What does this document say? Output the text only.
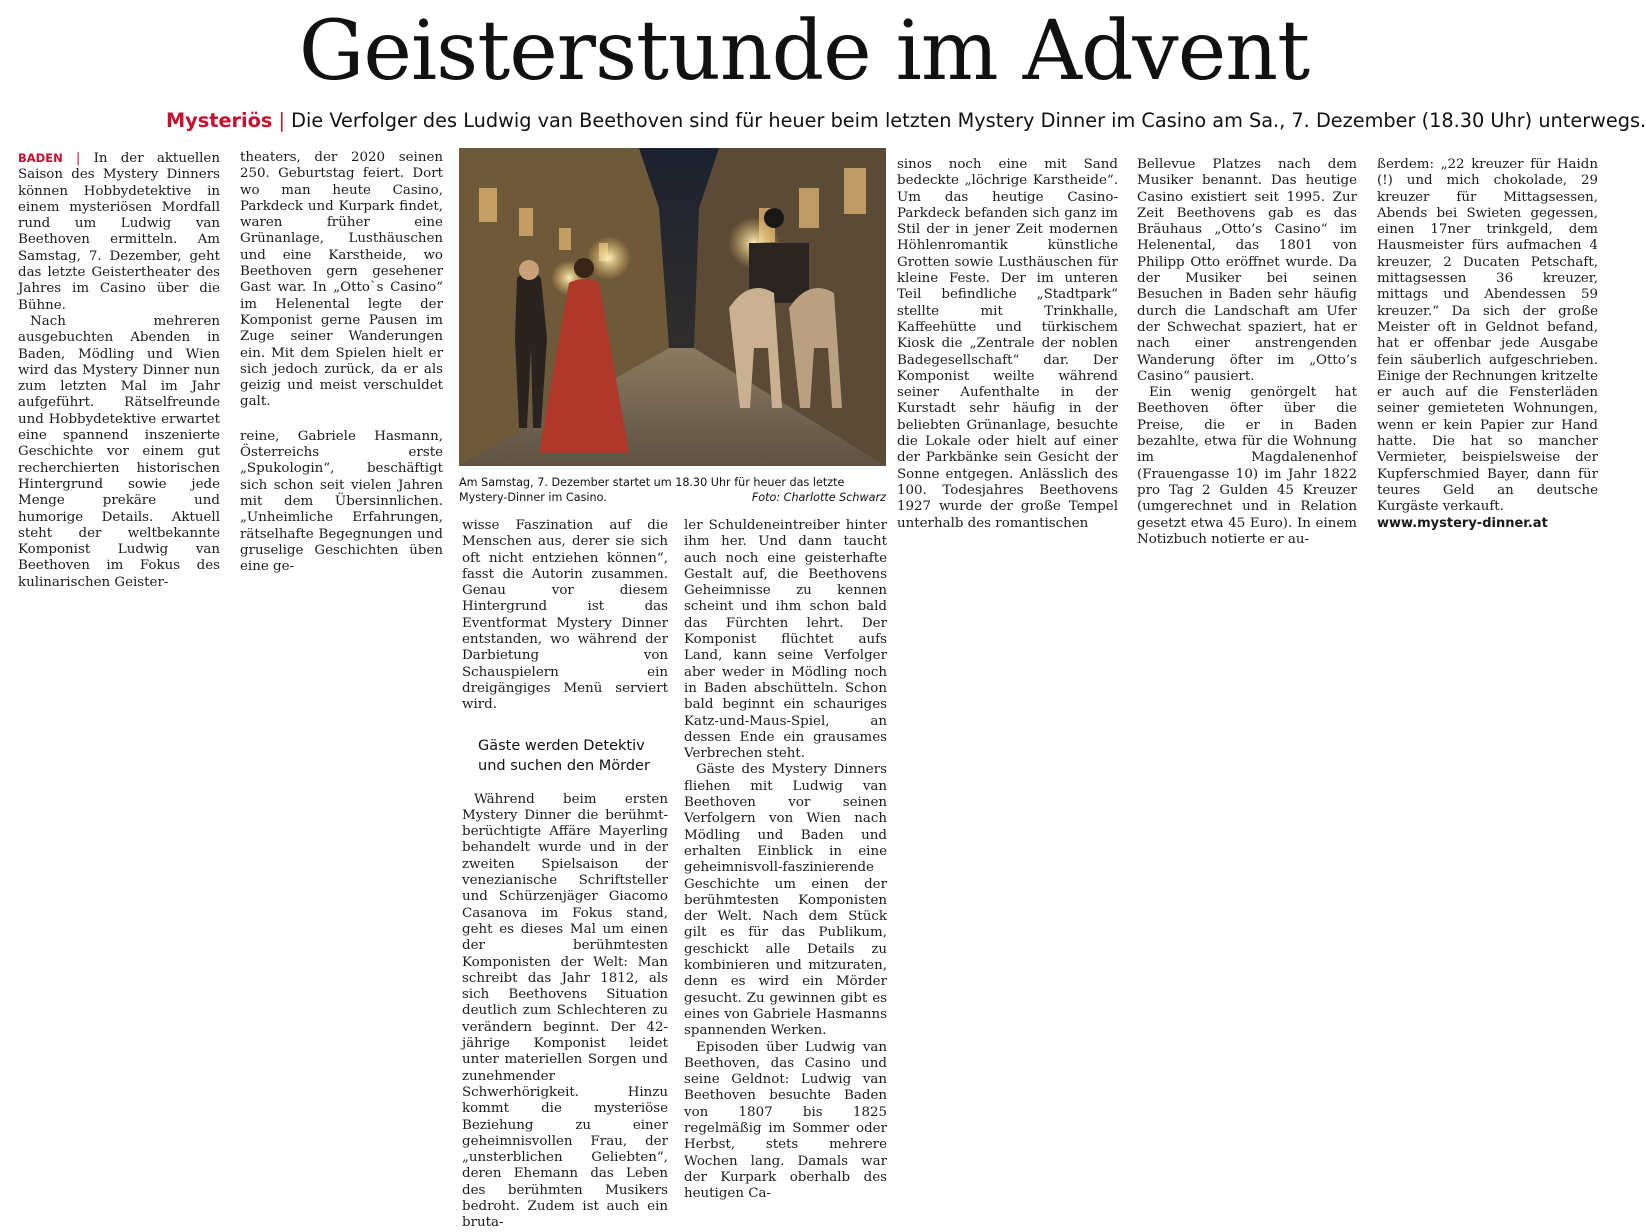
Geisterstunde im Advent
Mysteriös | Die Verfolger des Ludwig van Beethoven sind für heuer beim letzten Mystery Dinner im Casino am Sa., 7. Dezember (18.30 Uhr) unterwegs.

BADEN | In der aktuellen Saison des Mystery Dinners können Hobbydetektive in einem mysteriösen Mordfall rund um Ludwig van Beethoven ermitteln. Am Samstag, 7. Dezember, geht das letzte Geistertheater des Jahres im Casino über die Bühne.

Nach mehreren ausgebuchten Abenden in Baden, Mödling und Wien wird das Mystery Dinner nun zum letzten Mal im Jahr aufgeführt. Rätselfreunde und Hobbydetektive erwartet eine spannend inszenierte Geschichte vor einem gut recherchierten historischen Hintergrund sowie jede Menge prekäre und humorige Details. Aktuell steht der weltbekannte Komponist Ludwig van Beethoven im Fokus des kulinarischen Geister-

theaters, der 2020 seinen 250. Geburtstag feiert. Dort wo man heute Casino, Parkdeck und Kurpark findet, waren früher eine Grünanlage, Lusthäuschen und eine Karstheide, wo Beethoven gern gesehener Gast war. In „Otto`s Casino“ im Helenental legte der Komponist gerne Pausen im Zuge seiner Wanderungen ein. Mit dem Spielen hielt er sich jedoch zurück, da er als geizig und meist verschuldet galt.

reine, Gabriele Hasmann, Österreichs erste „Spukologin“, beschäftigt sich schon seit vielen Jahren mit dem Übersinnlichen. „Unheimliche Erfahrungen, rätselhafte Begegnungen und gruselige Geschichten üben eine ge-

Am Samstag, 7. Dezember startet um 18.30 Uhr für heuer das letzte Mystery-Dinner im Casino.	Foto: Charlotte Schwarz

wisse Faszination auf die Menschen aus, derer sie sich oft nicht entziehen können“, fasst die Autorin zusammen. Genau vor diesem Hintergrund ist das Eventformat Mystery Dinner entstanden, wo während der Darbietung von Schauspielern ein dreigängiges Menü serviert wird.

Gäste werden Detektiv und suchen den Mörder

Während beim ersten Mystery Dinner die berühmt-berüchtigte Affäre Mayerling behandelt wurde und in der zweiten Spielsaison der venezianische Schriftsteller und Schürzenjäger Giacomo Casanova im Fokus stand, geht es dieses Mal um einen der berühmtesten Komponisten der Welt: Man schreibt das Jahr 1812, als sich Beethovens Situation deutlich zum Schlechteren zu verändern beginnt. Der 42-jährige Komponist leidet unter materiellen Sorgen und zunehmender Schwerhörigkeit. Hinzu kommt die mysteriöse Beziehung zu einer geheimnisvollen Frau, der „unsterblichen Geliebten“, deren Ehemann das Leben des berühmten Musikers bedroht. Zudem ist auch ein bruta-

ler Schuldeneintreiber hinter ihm her. Und dann taucht auch noch eine geisterhafte Gestalt auf, die Beethovens Geheimnisse zu kennen scheint und ihm schon bald das Fürchten lehrt. Der Komponist flüchtet aufs Land, kann seine Verfolger aber weder in Mödling noch in Baden abschütteln. Schon bald beginnt ein schauriges Katz-und-Maus-Spiel, an dessen Ende ein grausames Verbrechen steht.

Gäste des Mystery Dinners fliehen mit Ludwig van Beethoven vor seinen Verfolgern von Wien nach Mödling und Baden und erhalten Einblick in eine geheimnisvoll-faszinierende Geschichte um einen der berühmtesten Komponisten der Welt. Nach dem Stück gilt es für das Publikum, geschickt alle Details zu kombinieren und mitzuraten, denn es wird ein Mörder gesucht. Zu gewinnen gibt es eines von Gabriele Hasmanns spannenden Werken.

Episoden über Ludwig van Beethoven, das Casino und seine Geldnot: Ludwig van Beethoven besuchte Baden von 1807 bis 1825 regelmäßig im Sommer oder Herbst, stets mehrere Wochen lang. Damals war der Kurpark oberhalb des heutigen Ca-

sinos noch eine mit Sand bedeckte „löchrige Karstheide“. Um das heutige Casino-Parkdeck befanden sich ganz im Stil der in jener Zeit modernen Höhlenromantik künstliche Grotten sowie Lusthäuschen für kleine Feste. Der im unteren Teil befindliche „Stadtpark“ stellte mit Trinkhalle, Kaffeehütte und türkischem Kiosk die „Zentrale der noblen Badegesellschaft“ dar. Der Komponist weilte während seiner Aufenthalte in der Kurstadt sehr häufig in der beliebten Grünanlage, besuchte die Lokale oder hielt auf einer der Parkbänke sein Gesicht der Sonne entgegen. Anlässlich des 100. Todesjahres Beethovens 1927 wurde der große Tempel unterhalb des romantischen

Bellevue Platzes nach dem Musiker benannt. Das heutige Casino existiert seit 1995. Zur Zeit Beethovens gab es das Bräuhaus „Otto’s Casino“ im Helenental, das 1801 von Philipp Otto eröffnet wurde. Da der Musiker bei seinen Besuchen in Baden sehr häufig durch die Landschaft am Ufer der Schwechat spaziert, hat er nach einer anstrengenden Wanderung öfter im „Otto’s Casino“ pausiert.

Ein wenig genörgelt hat Beethoven öfter über die Preise, die er in Baden bezahlte, etwa für die Wohnung im Magdalenenhof (Frauengasse 10) im Jahr 1822 pro Tag 2 Gulden 45 Kreuzer (umgerechnet und in Relation gesetzt etwa 45 Euro). In einem Notizbuch notierte er au-

ßerdem: „22 kreuzer für Haidn (!) und mich chokolade, 29 kreuzer für Mittagsessen, Abends bei Swieten gegessen, einen 17ner trinkgeld, dem Hausmeister fürs aufmachen 4 kreuzer, 2 Ducaten Petschaft, mittagsessen 36 kreuzer, mittags und Abendessen 59 kreuzer.“ Da sich der große Meister oft in Geldnot befand, hat er offenbar jede Ausgabe fein säuberlich aufgeschrieben. Einige der Rechnungen kritzelte er auch auf die Fensterläden seiner gemieteten Wohnungen, wenn er kein Papier zur Hand hatte. Die hat so mancher Vermieter, beispielsweise der Kupferschmied Bayer, dann für teures Geld an deutsche Kurgäste verkauft.

www.mystery-dinner.at
